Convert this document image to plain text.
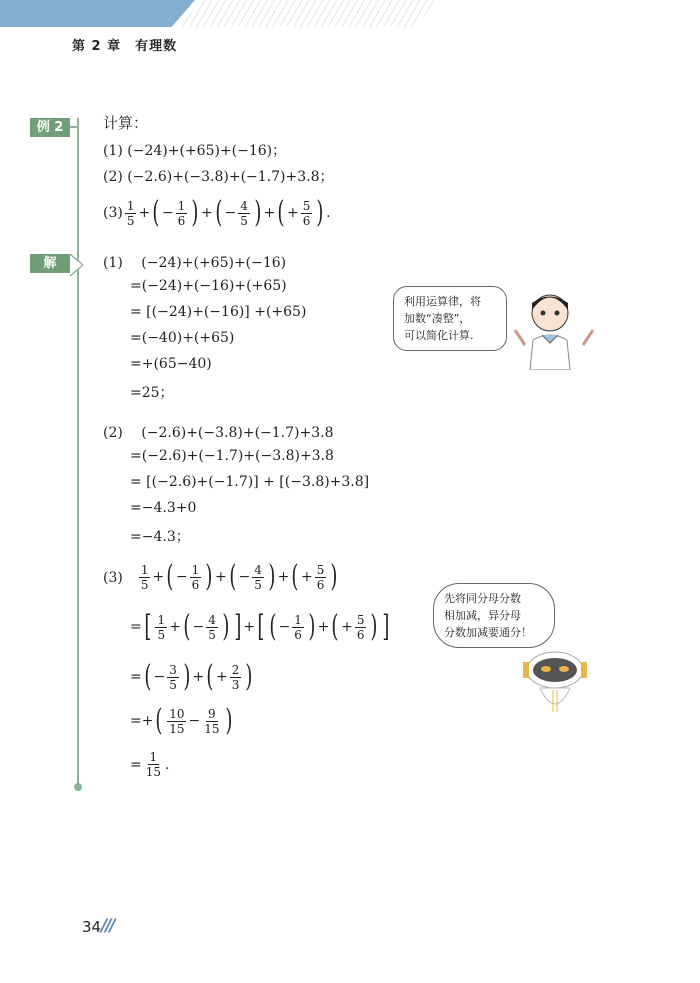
第 2 章　有理数
例 2
解
计算：
(1) (−24)+(+65)+(−16)；
(2) (−2.6)+(−3.8)+(−1.7)+3.8；
$(3) \frac{1}{5}$ + ( − $\frac{1}{6}$ ) + ( − $\frac{4}{5}$ ) + ( + $\frac{5}{6}$ ) .
(1)　 (−24)+(+65)+(−16)
=(−24)+(−16)+(+65)
= [(−24)+(−16)] +(+65)
=(−40)+(+65)
=+(65−40)
=25；
(2)　 (−2.6)+(−3.8)+(−1.7)+3.8
=(−2.6)+(−1.7)+(−3.8)+3.8
= [(−2.6)+(−1.7)] + [(−3.8)+3.8]
=−4.3+0
=−4.3；
(3)　 $\frac{1}{5}$ + ( − $\frac{1}{6}$ ) + ( − $\frac{4}{5}$ ) + ( + $\frac{5}{6}$ )
= [ $\frac{1}{5}$ + ( − $\frac{4}{5}$ ) ] + [ ( − $\frac{1}{6}$ ) + ( + $\frac{5}{6}$ ) ]
= ( − $\frac{3}{5}$ ) + ( + $\frac{2}{3}$ )
=+ ( $\frac{10}{15} - \frac{9}{15}$ )
= $\frac{1}{15}$ .
利用运算律，将
加数“凑整”，
可以简化计算.
先将同分母分数
相加减，异分母
分数加减要通分！
34 ///
